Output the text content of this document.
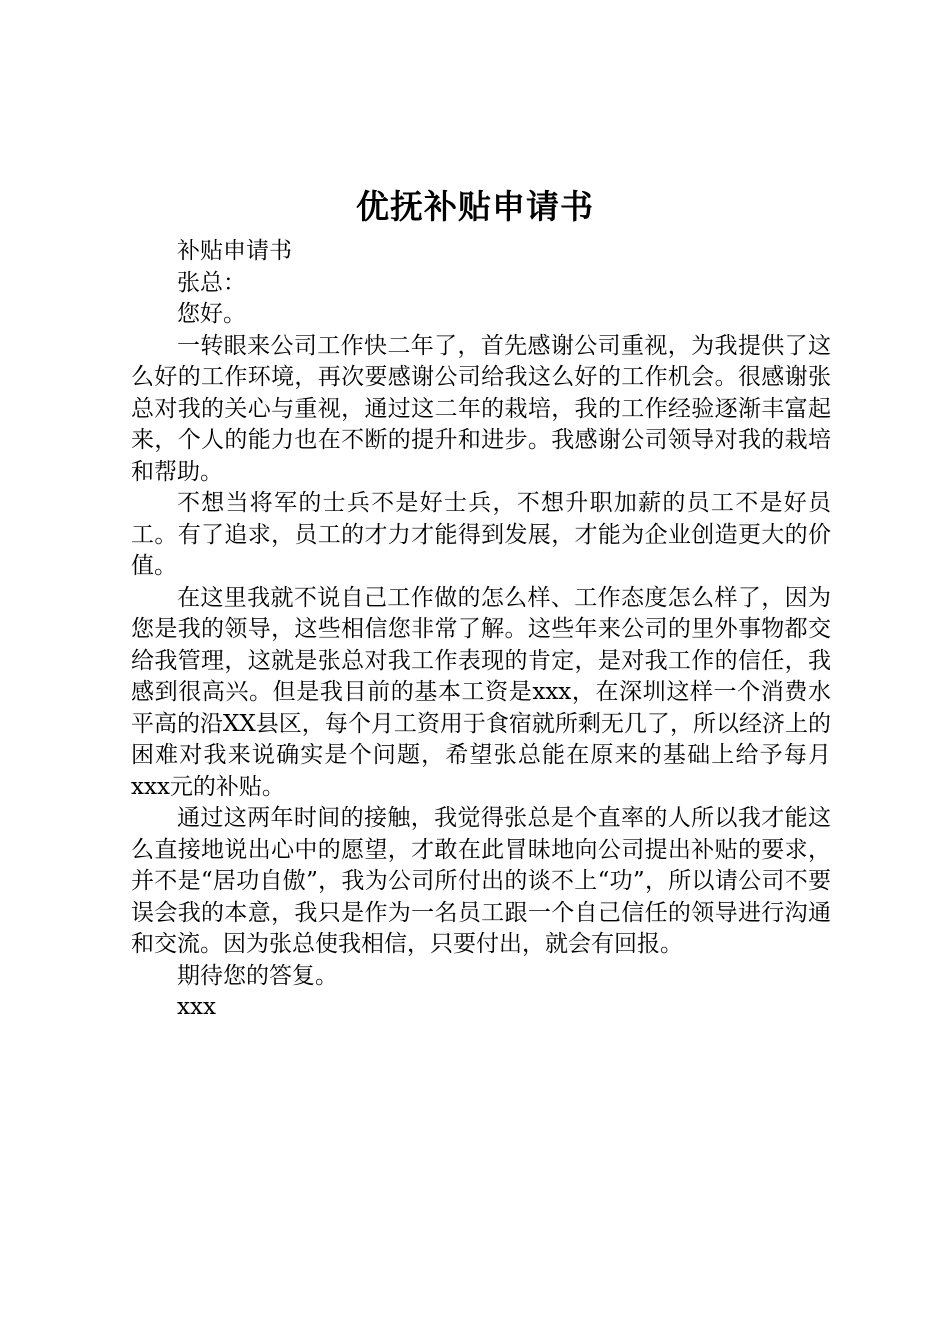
优抚补贴申请书

补贴申请书

张总：

您好。

一转眼来公司工作快二年了，首先感谢公司重视，为我提供了这么好的工作环境，再次要感谢公司给我这么好的工作机会。很感谢张总对我的关心与重视，通过这二年的栽培，我的工作经验逐渐丰富起来，个人的能力也在不断的提升和进步。我感谢公司领导对我的栽培和帮助。

不想当将军的士兵不是好士兵，不想升职加薪的员工不是好员工。有了追求，员工的才力才能得到发展，才能为企业创造更大的价值。

在这里我就不说自己工作做的怎么样、工作态度怎么样了，因为您是我的领导，这些相信您非常了解。这些年来公司的里外事物都交给我管理，这就是张总对我工作表现的肯定，是对我工作的信任，我感到很高兴。但是我目前的基本工资是xxx，在深圳这样一个消费水平高的沿XX县区，每个月工资用于食宿就所剩无几了，所以经济上的困难对我来说确实是个问题，希望张总能在原来的基础上给予每月xxx元的补贴。

通过这两年时间的接触，我觉得张总是个直率的人所以我才能这么直接地说出心中的愿望，才敢在此冒昧地向公司提出补贴的要求，并不是“居功自傲”，我为公司所付出的谈不上“功”，所以请公司不要误会我的本意，我只是作为一名员工跟一个自己信任的领导进行沟通和交流。因为张总使我相信，只要付出，就会有回报。

期待您的答复。

xxx
